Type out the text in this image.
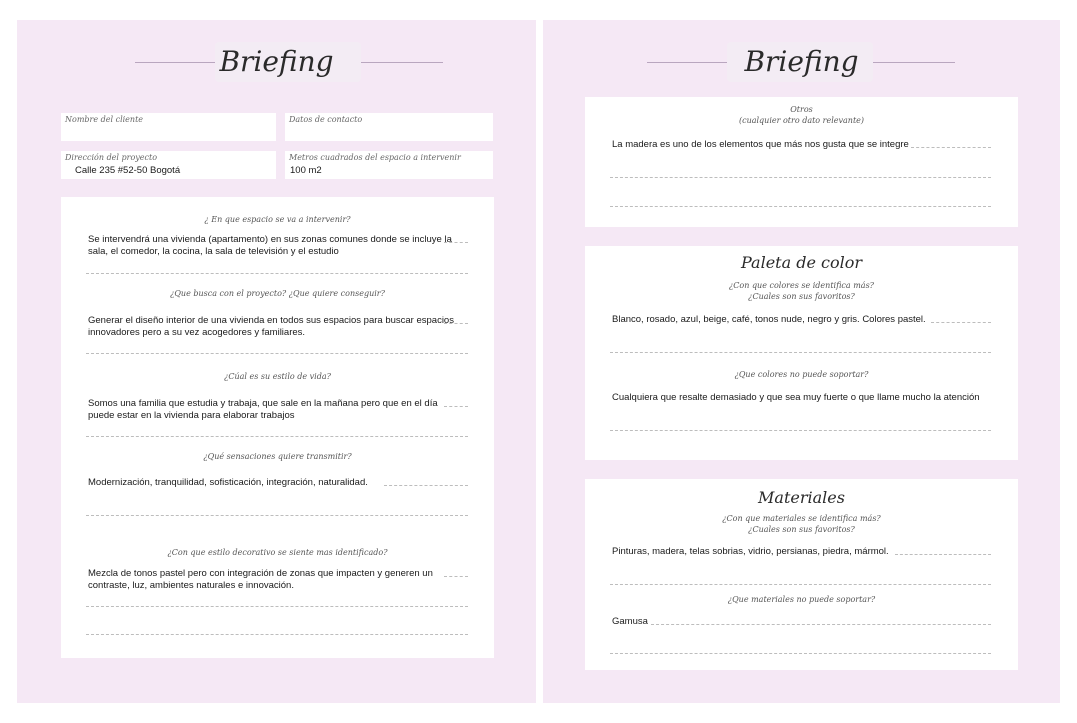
Briefing
Nombre del cliente	Datos de contacto
Dirección del proyecto
Calle 235 #52-50 Bogotá
Metros cuadrados del espacio a intervenir
100 m2
¿ En que espacio se va a intervenir?
Se intervendrá una vivienda (apartamento) en sus zonas comunes donde se incluye la sala, el comedor, la cocina, la sala de televisión y el estudio
¿Que busca con el proyecto? ¿Que quiere conseguir?
Generar el diseño interior de una vivienda en todos sus espacios para buscar espacios innovadores pero a su vez acogedores y familiares.
¿Cúal es su estilo de vida?
Somos una familia que estudia y trabaja, que sale en la mañana pero que en el día puede estar en la vivienda para elaborar trabajos
¿Qué sensaciones quiere transmitir?
Modernización, tranquilidad, sofisticación, integración, naturalidad.
¿Con que estilo decorativo se siente mas identificado?
Mezcla de tonos pastel pero con integración de zonas que impacten y generen un contraste, luz, ambientes naturales e innovación.
Briefing
Otros
(cualquier otro dato relevante)
La madera es uno de los elementos que más nos gusta que se integre
Paleta de color
¿Con que colores se identifica más?
¿Cuales son sus favoritos?
Blanco, rosado, azul, beige, café, tonos nude, negro y gris. Colores pastel.
¿Que colores no puede soportar?
Cualquiera que resalte demasiado y que sea muy fuerte o que llame mucho la atención
Materiales
¿Con que materiales se identifica más?
¿Cuales son sus favoritos?
Pinturas, madera, telas sobrias, vidrio, persianas, piedra, mármol.
¿Que materiales no puede soportar?
Gamusa
